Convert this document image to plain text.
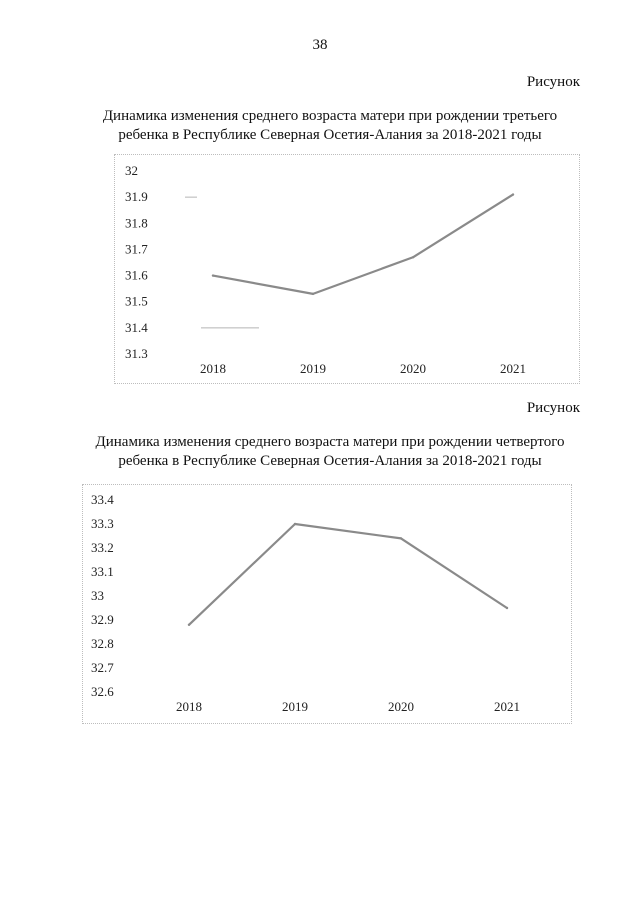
38
Рисунок
Динамика изменения среднего возраста матери при рождении третьего
ребенка в Республике Северная Осетия-Алания за 2018-2021 годы
32
31.9
31.8
31.7
31.6
31.5
31.4
31.3
2018	2019	2020	2021
Рисунок
Динамика изменения среднего возраста матери при рождении четвертого
ребенка в Республике Северная Осетия-Алания за 2018-2021 годы
33.4
33.3
33.2
33.1
33
32.9
32.8
32.7
32.6
2018	2019	2020	2021
